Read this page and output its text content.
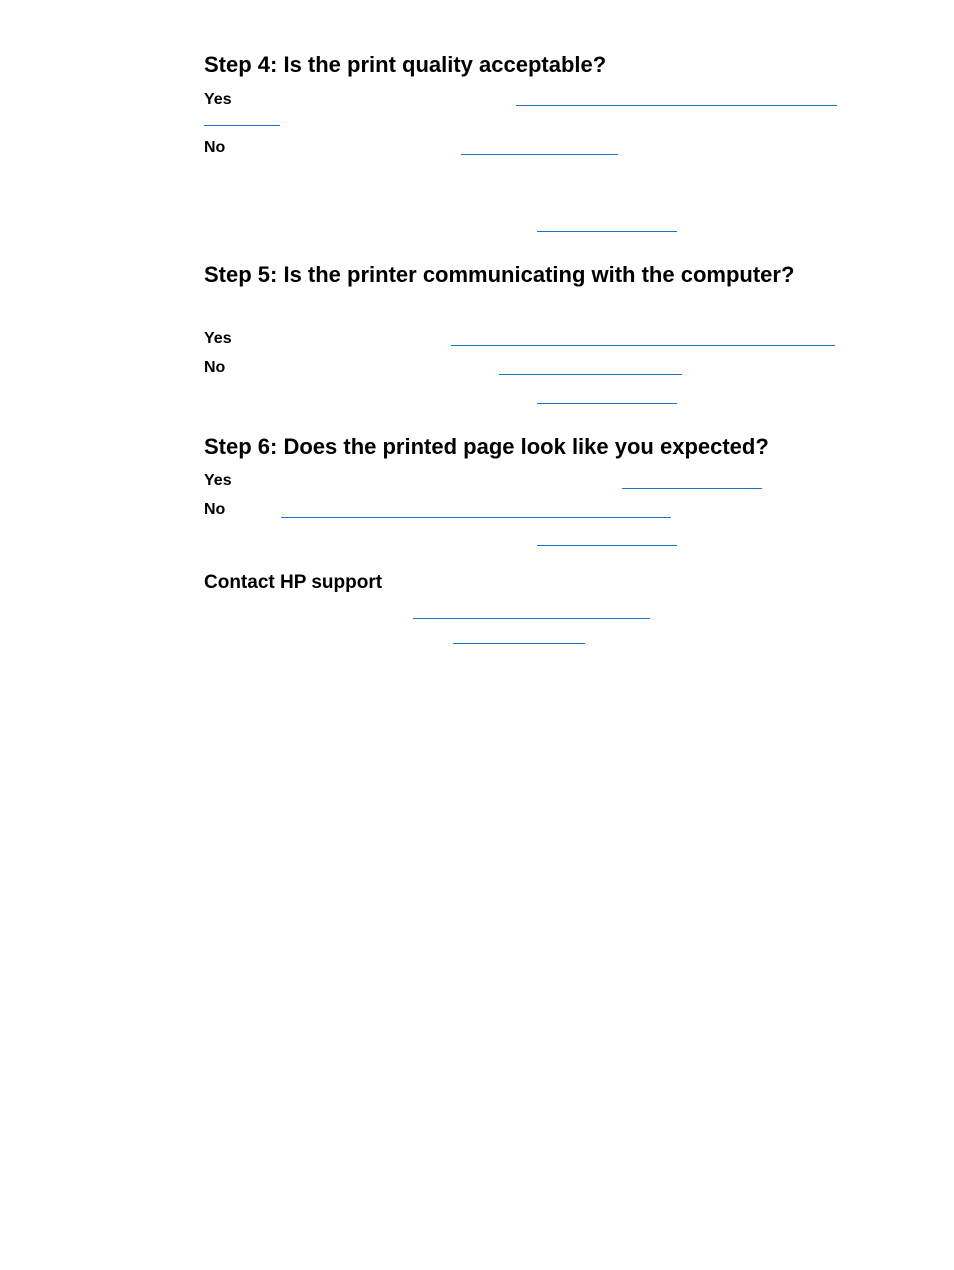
Step 4: Is the print quality acceptable?
Yes
No
Step 5: Is the printer communicating with the computer?
Yes
No
Step 6: Does the printed page look like you expected?
Yes
No
Contact HP support
